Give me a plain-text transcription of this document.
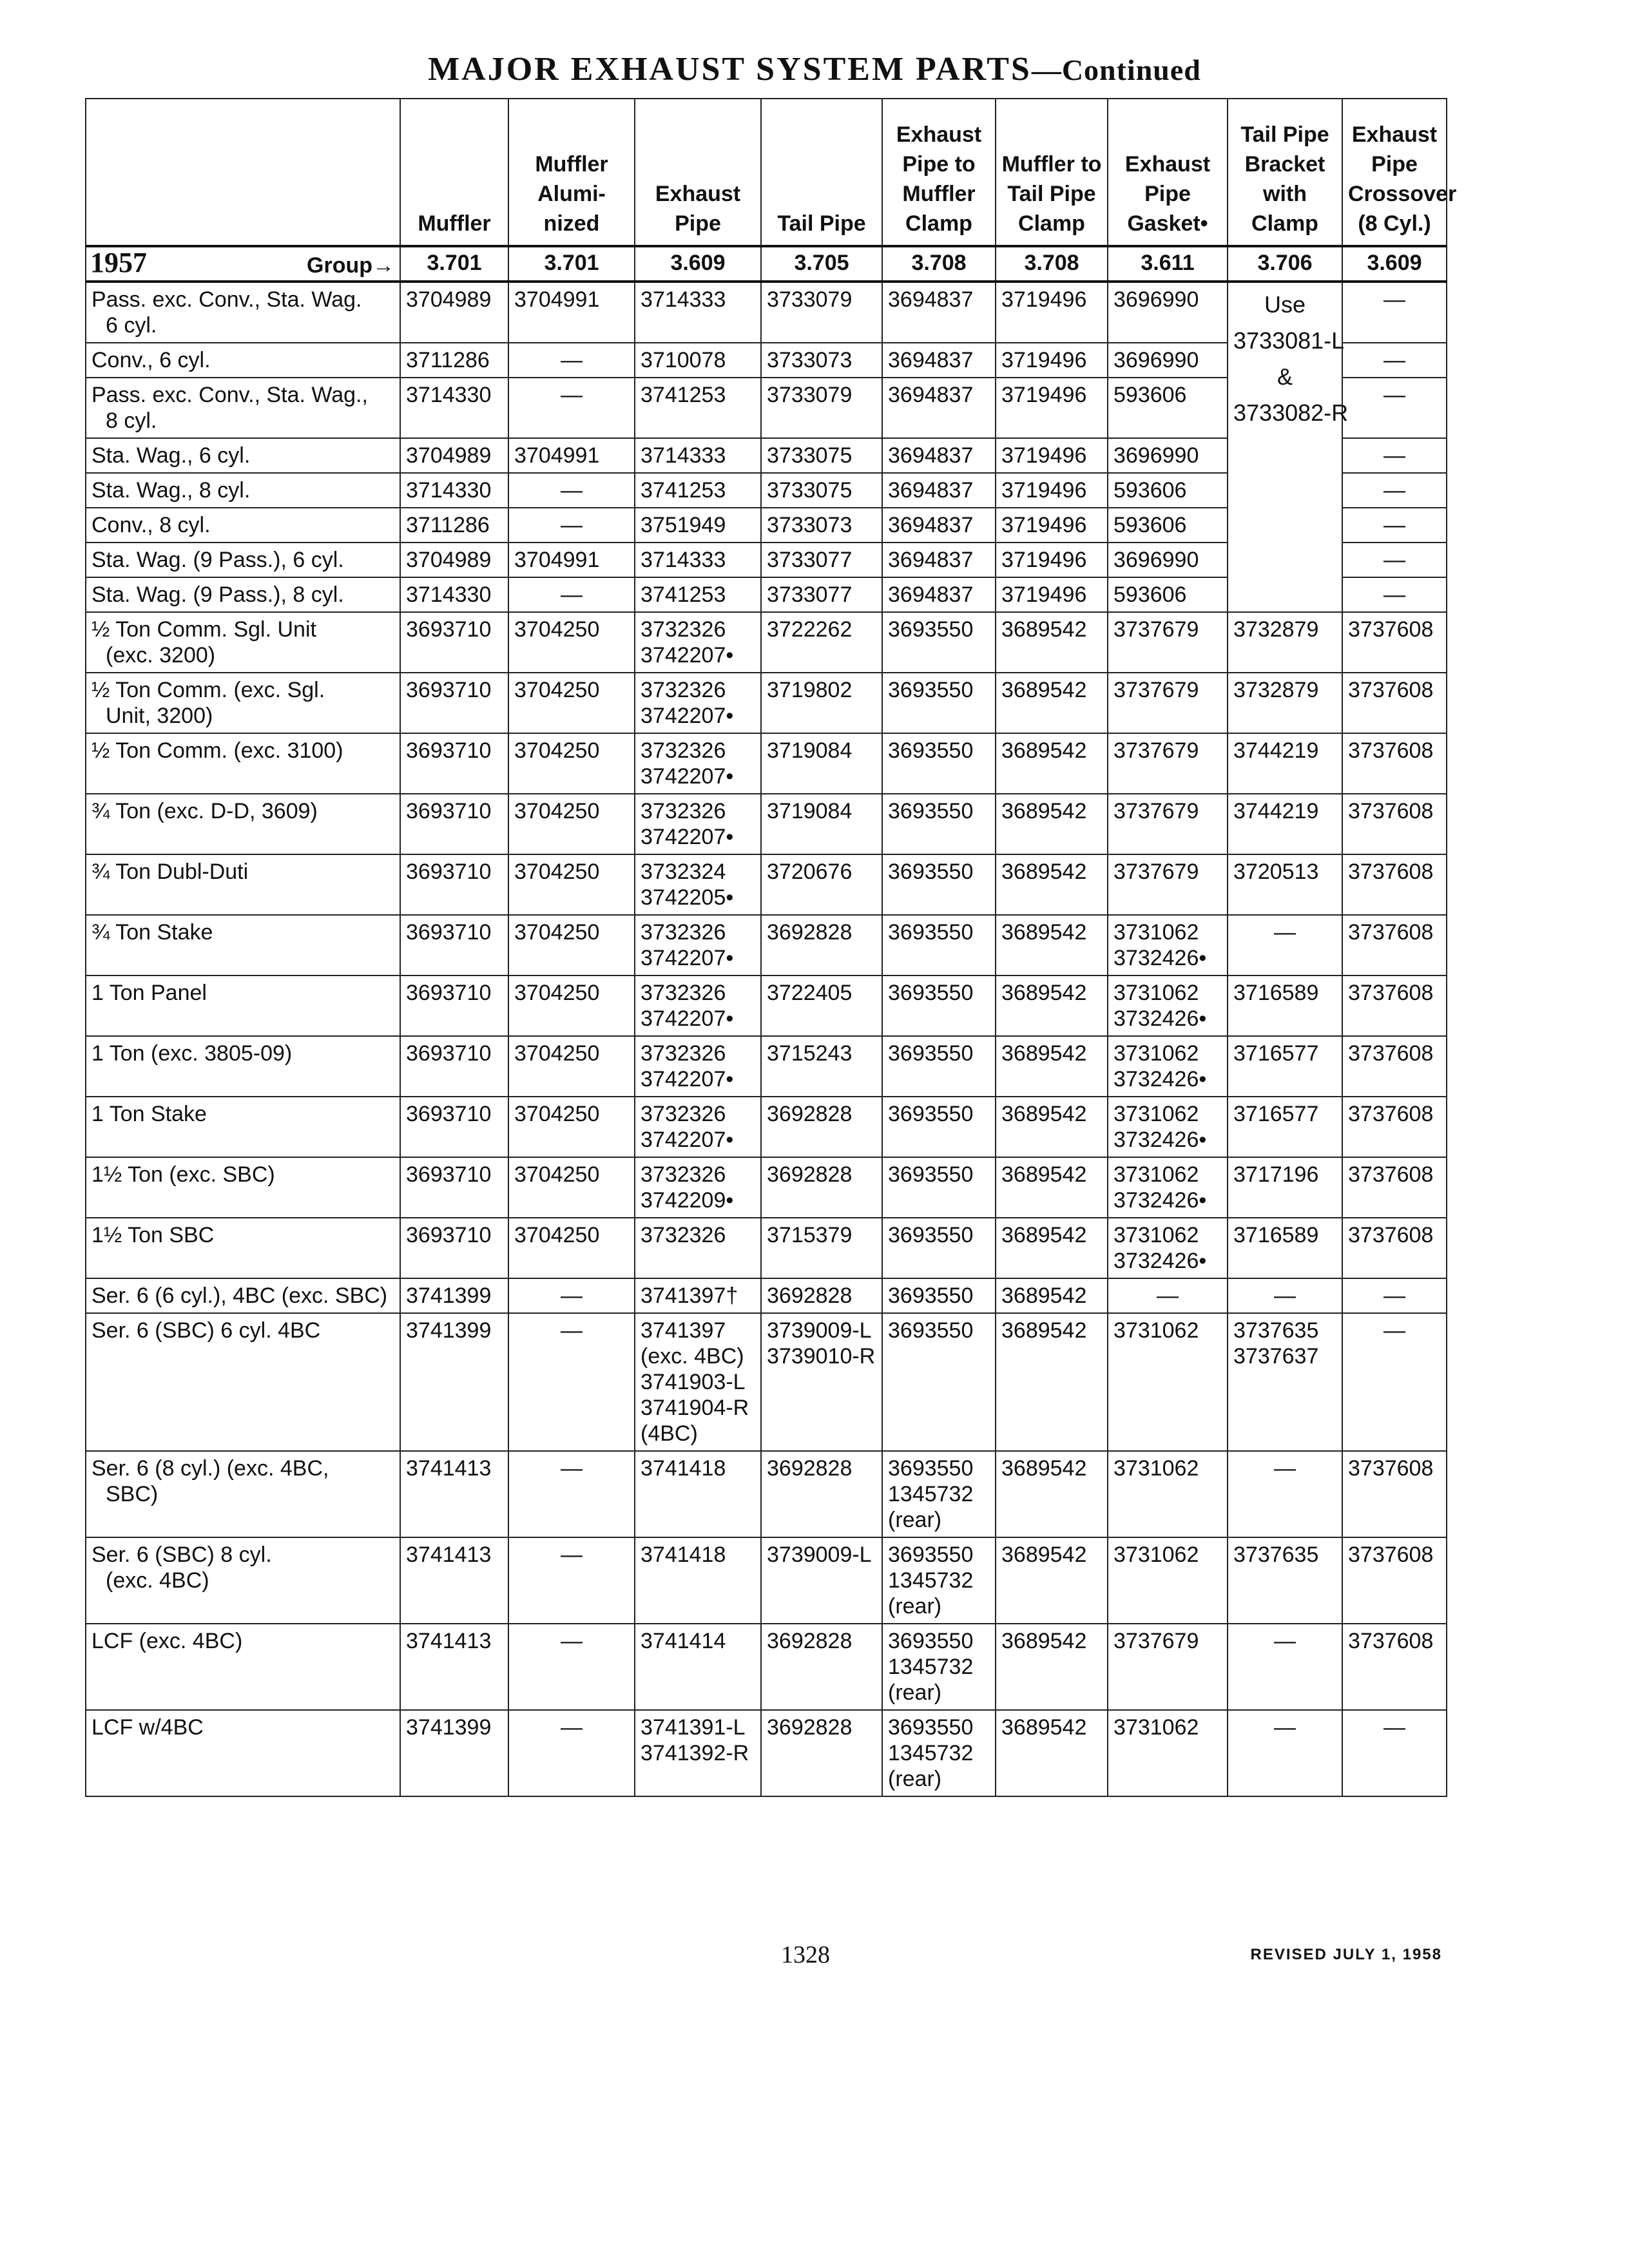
MAJOR EXHAUST SYSTEM PARTS—Continued
	Muffler	Muffler Alumi- nized	Exhaust Pipe	Tail Pipe	Exhaust Pipe to Muffler Clamp	Muffler to Tail Pipe Clamp	Exhaust Pipe Gasket•	Tail Pipe Bracket with Clamp	Exhaust Pipe Crossover (8 Cyl.)
1957 Group→	3.701	3.701	3.609	3.705	3.708	3.708	3.611	3.706	3.609

Pass. exc. Conv., Sta. Wag.
6 cyl.	3704989	3704991	3714333	3733079	3694837	3719496	3696990	Use
3733081-L
&
3733082-R	—

Conv., 6 cyl.	3711286	—	3710078	3733073	3694837	3719496	3696990		—

Pass. exc. Conv., Sta. Wag.,
8 cyl.	3714330	—	3741253	3733079	3694837	3719496	593606		—

Sta. Wag., 6 cyl.	3704989	3704991	3714333	3733075	3694837	3719496	3696990		—

Sta. Wag., 8 cyl.	3714330	—	3741253	3733075	3694837	3719496	593606		—

Conv., 8 cyl.	3711286	—	3751949	3733073	3694837	3719496	593606		—

Sta. Wag. (9 Pass.), 6 cyl.	3704989	3704991	3714333	3733077	3694837	3719496	3696990		—

Sta. Wag. (9 Pass.), 8 cyl.	3714330	—	3741253	3733077	3694837	3719496	593606		—

½ Ton Comm. Sgl. Unit
(exc. 3200)	3693710	3704250	3732326
3742207•	3722262	3693550	3689542	3737679	3732879	3737608

½ Ton Comm. (exc. Sgl.
Unit, 3200)	3693710	3704250	3732326
3742207•	3719802	3693550	3689542	3737679	3732879	3737608

½ Ton Comm. (exc. 3100)	3693710	3704250	3732326
3742207•	3719084	3693550	3689542	3737679	3744219	3737608

¾ Ton (exc. D-D, 3609)	3693710	3704250	3732326
3742207•	3719084	3693550	3689542	3737679	3744219	3737608

¾ Ton Dubl-Duti	3693710	3704250	3732324
3742205•	3720676	3693550	3689542	3737679	3720513	3737608

¾ Ton Stake	3693710	3704250	3732326
3742207•	3692828	3693550	3689542	3731062
3732426•	—	3737608

1 Ton Panel	3693710	3704250	3732326
3742207•	3722405	3693550	3689542	3731062
3732426•	3716589	3737608

1 Ton (exc. 3805-09)	3693710	3704250	3732326
3742207•	3715243	3693550	3689542	3731062
3732426•	3716577	3737608

1 Ton Stake	3693710	3704250	3732326
3742207•	3692828	3693550	3689542	3731062
3732426•	3716577	3737608

1½ Ton (exc. SBC)	3693710	3704250	3732326
3742209•	3692828	3693550	3689542	3731062
3732426•	3717196	3737608

1½ Ton SBC	3693710	3704250	3732326	3715379	3693550	3689542	3731062
3732426•	3716589	3737608

Ser. 6 (6 cyl.), 4BC (exc. SBC)	3741399	—	3741397†	3692828	3693550	3689542	—	—	—

Ser. 6 (SBC) 6 cyl. 4BC	3741399	—	3741397
(exc. 4BC)
3741903-L
3741904-R
(4BC)	3739009-L
3739010-R	3693550	3689542	3731062	3737635
3737637	—

Ser. 6 (8 cyl.) (exc. 4BC,
SBC)	3741413	—	3741418	3692828	3693550
1345732
(rear)	3689542	3731062	—	3737608

Ser. 6 (SBC) 8 cyl.
(exc. 4BC)	3741413	—	3741418	3739009-L	3693550
1345732
(rear)	3689542	3731062	3737635	3737608

LCF (exc. 4BC)	3741413	—	3741414	3692828	3693550
1345732
(rear)	3689542	3737679	—	3737608

LCF w/4BC	3741399	—	3741391-L
3741392-R	3692828	3693550
1345732
(rear)	3689542	3731062	—	—
1328	REVISED JULY 1, 1958
